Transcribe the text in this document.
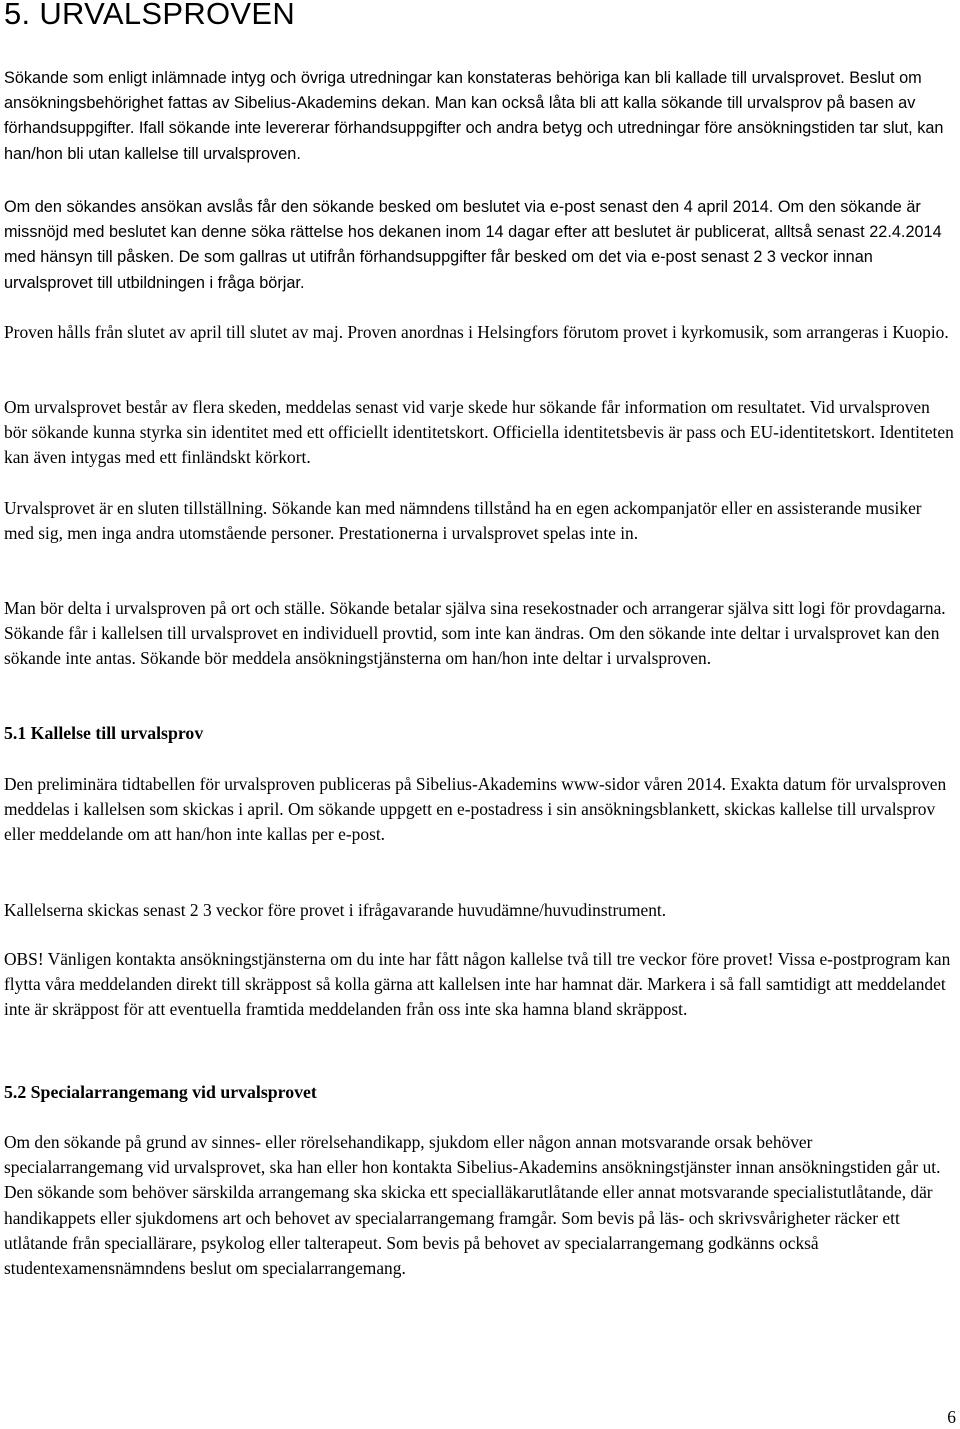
5. URVALSPROVEN

Sökande som enligt inlämnade intyg och övriga utredningar kan konstateras behöriga kan bli kallade till urvalsprovet. Beslut om ansökningsbehörighet fattas av Sibelius-Akademins dekan. Man kan också låta bli att kalla sökande till urvalsprov på basen av förhandsuppgifter. Ifall sökande inte levererar förhandsuppgifter och andra betyg och utredningar före ansökningstiden tar slut, kan han/hon bli utan kallelse till urvalsproven.

Om den sökandes ansökan avslås får den sökande besked om beslutet via e-post senast den 4 april 2014. Om den sökande är missnöjd med beslutet kan denne söka rättelse hos dekanen inom 14 dagar efter att beslutet är publicerat, alltså senast 22.4.2014 med hänsyn till påsken. De som gallras ut utifrån förhandsuppgifter får besked om det via e-post senast 2 3 veckor innan urvalsprovet till utbildningen i fråga börjar.

Proven hålls från slutet av april till slutet av maj. Proven anordnas i Helsingfors förutom provet i kyrkomusik, som arrangeras i Kuopio.

Om urvalsprovet består av flera skeden, meddelas senast vid varje skede hur sökande får information om resultatet. Vid urvalsproven bör sökande kunna styrka sin identitet med ett officiellt identitetskort. Officiella identitetsbevis är pass och EU-identitetskort. Identiteten kan även intygas med ett finländskt körkort.

Urvalsprovet är en sluten tillställning. Sökande kan med nämndens tillstånd ha en egen ackompanjatör eller en assisterande musiker med sig, men inga andra utomstående personer. Prestationerna i urvalsprovet spelas inte in.

Man bör delta i urvalsproven på ort och ställe. Sökande betalar själva sina resekostnader och arrangerar själva sitt logi för provdagarna. Sökande får i kallelsen till urvalsprovet en individuell provtid, som inte kan ändras. Om den sökande inte deltar i urvalsprovet kan den sökande inte antas. Sökande bör meddela ansökningstjänsterna om han/hon inte deltar i urvalsproven.

5.1 Kallelse till urvalsprov

Den preliminära tidtabellen för urvalsproven publiceras på Sibelius-Akademins www-sidor våren 2014. Exakta datum för urvalsproven meddelas i kallelsen som skickas i april. Om sökande uppgett en e-postadress i sin ansökningsblankett, skickas kallelse till urvalsprov eller meddelande om att han/hon inte kallas per e-post.

Kallelserna skickas senast 2 3 veckor före provet i ifrågavarande huvudämne/huvudinstrument.

OBS! Vänligen kontakta ansökningstjänsterna om du inte har fått någon kallelse två till tre veckor före provet! Vissa e-postprogram kan flytta våra meddelanden direkt till skräppost så kolla gärna att kallelsen inte har hamnat där. Markera i så fall samtidigt att meddelandet inte är skräppost för att eventuella framtida meddelanden från oss inte ska hamna bland skräppost.

5.2 Specialarrangemang vid urvalsprovet

Om den sökande på grund av sinnes- eller rörelsehandikapp, sjukdom eller någon annan motsvarande orsak behöver specialarrangemang vid urvalsprovet, ska han eller hon kontakta Sibelius-Akademins ansökningstjänster innan ansökningstiden går ut. Den sökande som behöver särskilda arrangemang ska skicka ett specialläkarutlåtande eller annat motsvarande specialistutlåtande, där handikappets eller sjukdomens art och behovet av specialarrangemang framgår. Som bevis på läs- och skrivsvårigheter räcker ett utlåtande från speciallärare, psykolog eller talterapeut. Som bevis på behovet av specialarrangemang godkänns också studentexamensnämndens beslut om specialarrangemang.

6
